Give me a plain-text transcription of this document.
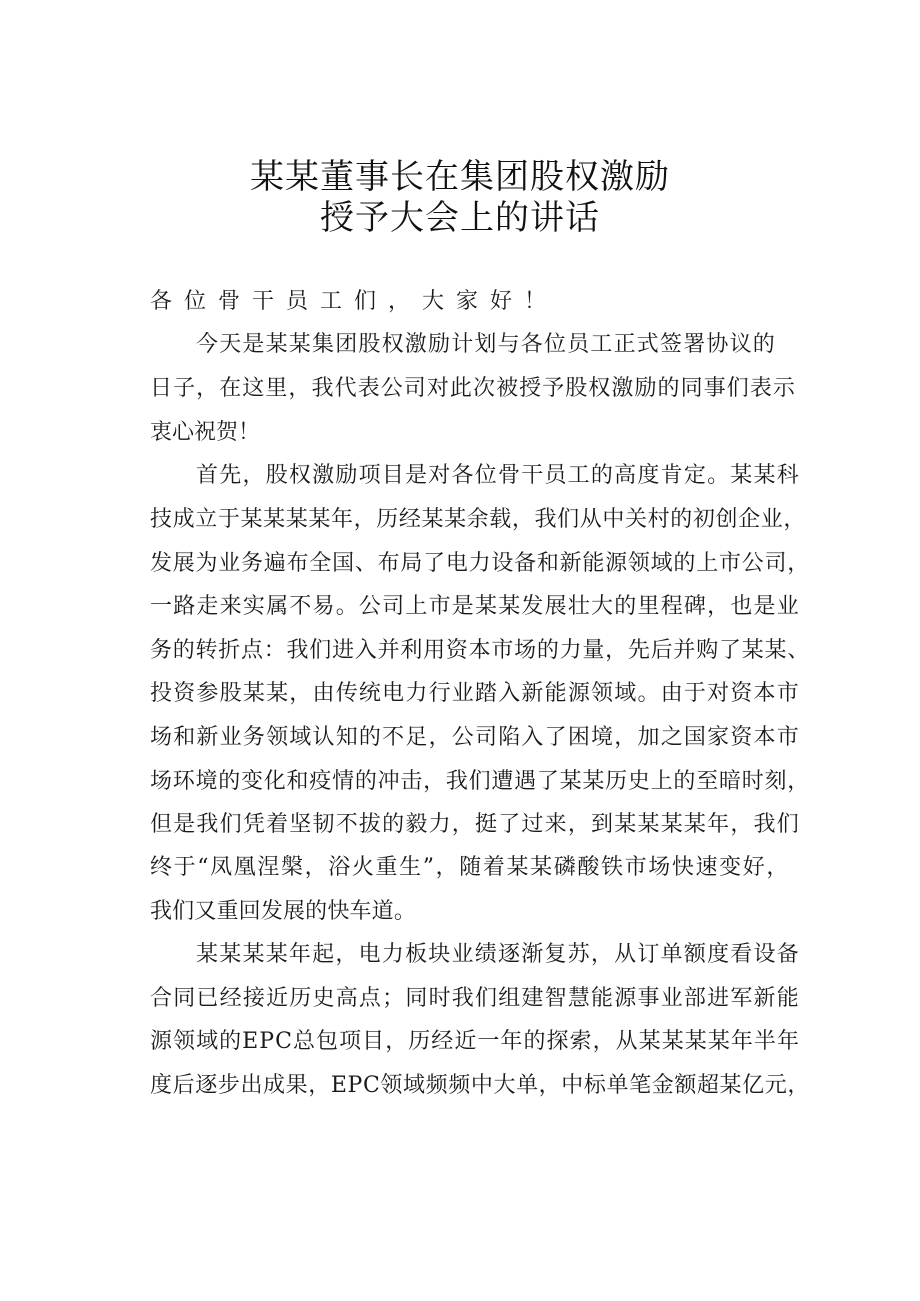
某某董事长在集团股权激励
授予大会上的讲话
各位骨干员工们，大家好！
今天是某某集团股权激励计划与各位员工正式签署协议的
日子，在这里，我代表公司对此次被授予股权激励的同事们表示
衷心祝贺！
首先，股权激励项目是对各位骨干员工的高度肯定。某某科
技成立于某某某某年，历经某某余载，我们从中关村的初创企业，
发展为业务遍布全国、布局了电力设备和新能源领域的上市公司，
一路走来实属不易。公司上市是某某发展壮大的里程碑，也是业
务的转折点：我们进入并利用资本市场的力量，先后并购了某某、
投资参股某某，由传统电力行业踏入新能源领域。由于对资本市
场和新业务领域认知的不足，公司陷入了困境，加之国家资本市
场环境的变化和疫情的冲击，我们遭遇了某某历史上的至暗时刻，
但是我们凭着坚韧不拔的毅力，挺了过来，到某某某某年，我们
终于“凤凰涅槃，浴火重生”，随着某某磷酸铁市场快速变好，
我们又重回发展的快车道。
某某某某年起，电力板块业绩逐渐复苏，从订单额度看设备
合同已经接近历史高点；同时我们组建智慧能源事业部进军新能
源领域的EPC总包项目，历经近一年的探索，从某某某某年半年
度后逐步出成果，EPC领域频频中大单，中标单笔金额超某亿元，
